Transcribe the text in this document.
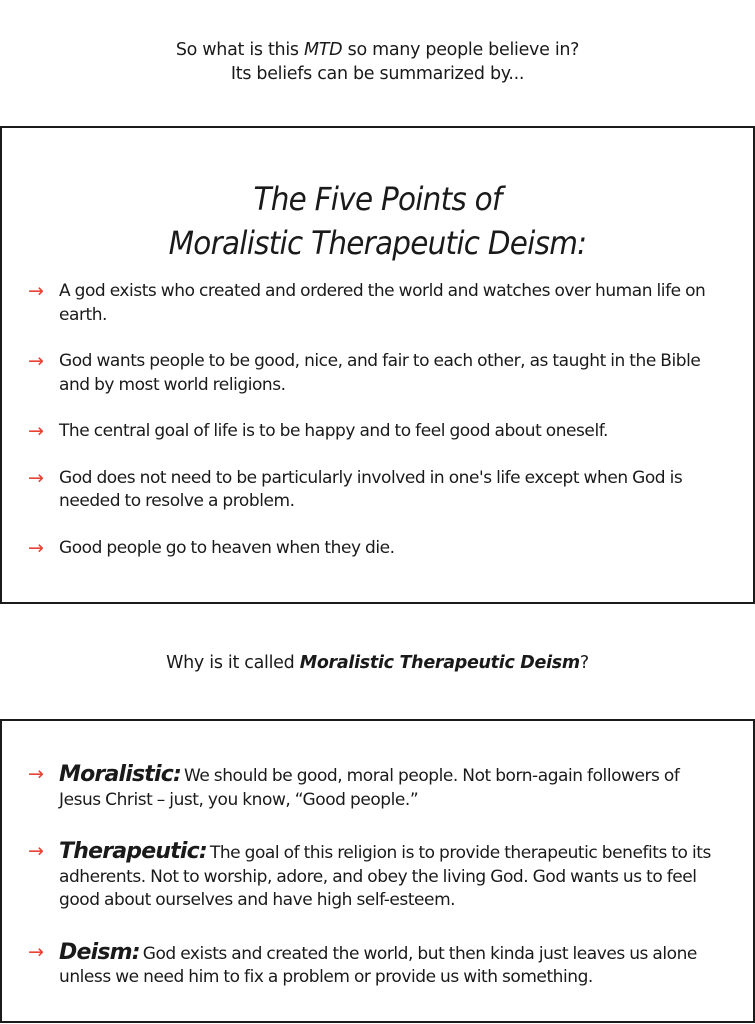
So what is this MTD so many people believe in?
Its beliefs can be summarized by...
The Five Points of
Moralistic Therapeutic Deism:
→ A god exists who created and ordered the world and watches over human life on earth.
→ God wants people to be good, nice, and fair to each other, as taught in the Bible and by most world religions.
→ The central goal of life is to be happy and to feel good about oneself.
→ God does not need to be particularly involved in one's life except when God is needed to resolve a problem.
→ Good people go to heaven when they die.
Why is it called Moralistic Therapeutic Deism?
→ Moralistic: We should be good, moral people. Not born-again followers of Jesus Christ – just, you know, “Good people.”
→ Therapeutic: The goal of this religion is to provide therapeutic benefits to its adherents. Not to worship, adore, and obey the living God. God wants us to feel good about ourselves and have high self-esteem.
→ Deism: God exists and created the world, but then kinda just leaves us alone unless we need him to fix a problem or provide us with something.
